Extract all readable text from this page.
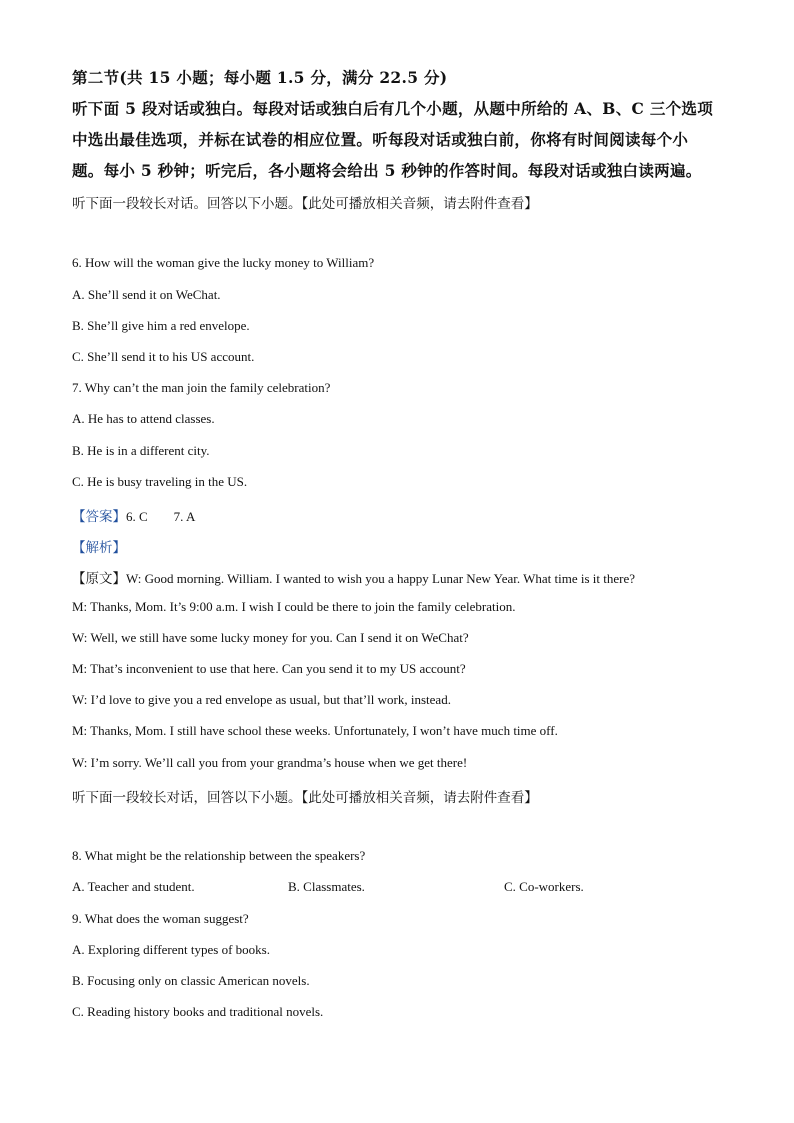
第二节(共 15 小题；每小题 1.5 分，满分 22.5 分)
听下面 5 段对话或独白。每段对话或独白后有几个小题，从题中所给的 A、B、C 三个选项
中选出最佳选项，并标在试卷的相应位置。听每段对话或独白前，你将有时间阅读每个小
题。每小 5 秒钟；听完后，各小题将会给出 5 秒钟的作答时间。每段对话或独白读两遍。
听下面一段较长对话。回答以下小题。【此处可播放相关音频，请去附件查看】
6. How will the woman give the lucky money to William?
A. She’ll send it on WeChat.
B. She’ll give him a red envelope.
C. She’ll send it to his US account.
7. Why can’t the man join the family celebration?
A. He has to attend classes.
B. He is in a different city.
C. He is busy traveling in the US.
【答案】6. C        7. A
【解析】
【原文】W: Good morning. William. I wanted to wish you a happy Lunar New Year. What time is it there?
M: Thanks, Mom. It’s 9:00 a.m. I wish I could be there to join the family celebration.
W: Well, we still have some lucky money for you. Can I send it on WeChat?
M: That’s inconvenient to use that here. Can you send it to my US account?
W: I’d love to give you a red envelope as usual, but that’ll work, instead.
M: Thanks, Mom. I still have school these weeks. Unfortunately, I won’t have much time off.
W: I’m sorry. We’ll call you from your grandma’s house when we get there!
听下面一段较长对话，回答以下小题。【此处可播放相关音频，请去附件查看】
8. What might be the relationship between the speakers?
A. Teacher and student.	B. Classmates.	C. Co-workers.
9. What does the woman suggest?
A. Exploring different types of books.
B. Focusing only on classic American novels.
C. Reading history books and traditional novels.
